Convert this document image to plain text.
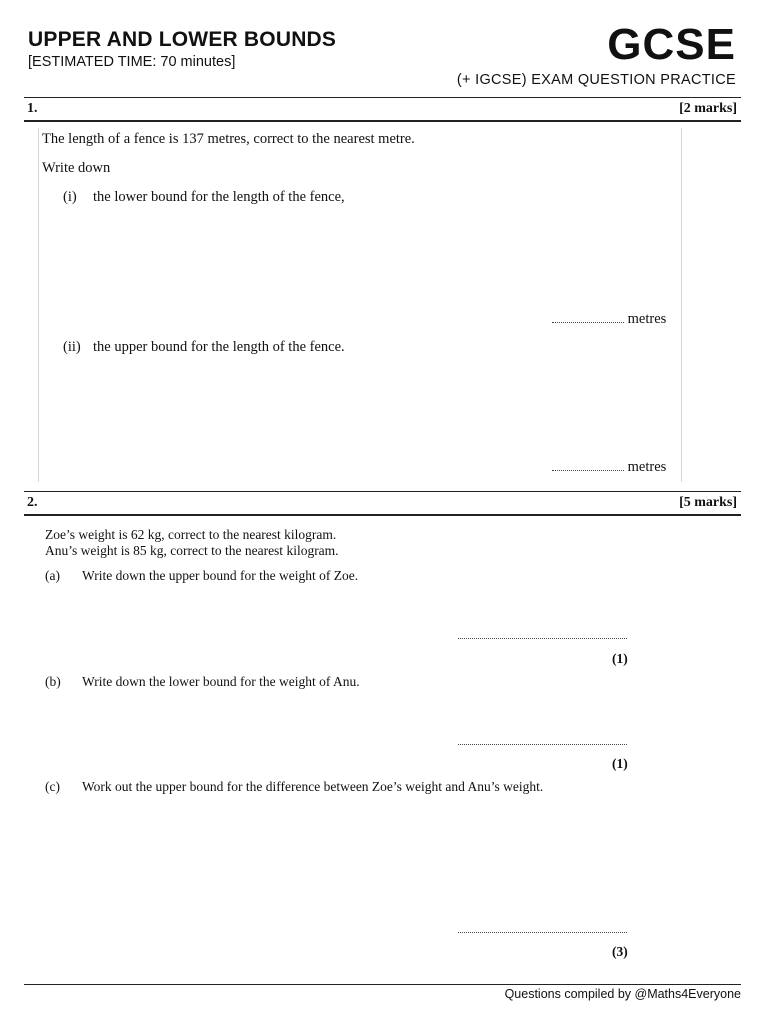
UPPER AND LOWER BOUNDS
[ESTIMATED TIME: 70 minutes]	GCSE
(+ IGCSE) EXAM QUESTION PRACTICE
1.	[2 marks]
The length of a fence is 137 metres, correct to the nearest metre.
Write down
(i) the lower bound for the length of the fence,
metres
(ii) the upper bound for the length of the fence.
metres
2.	[5 marks]
Zoe’s weight is 62 kg, correct to the nearest kilogram.
Anu’s weight is 85 kg, correct to the nearest kilogram.
(a) Write down the upper bound for the weight of Zoe.
(1)
(b) Write down the lower bound for the weight of Anu.
(1)
(c) Work out the upper bound for the difference between Zoe’s weight and Anu’s weight.
(3)
Questions compiled by @Maths4Everyone
